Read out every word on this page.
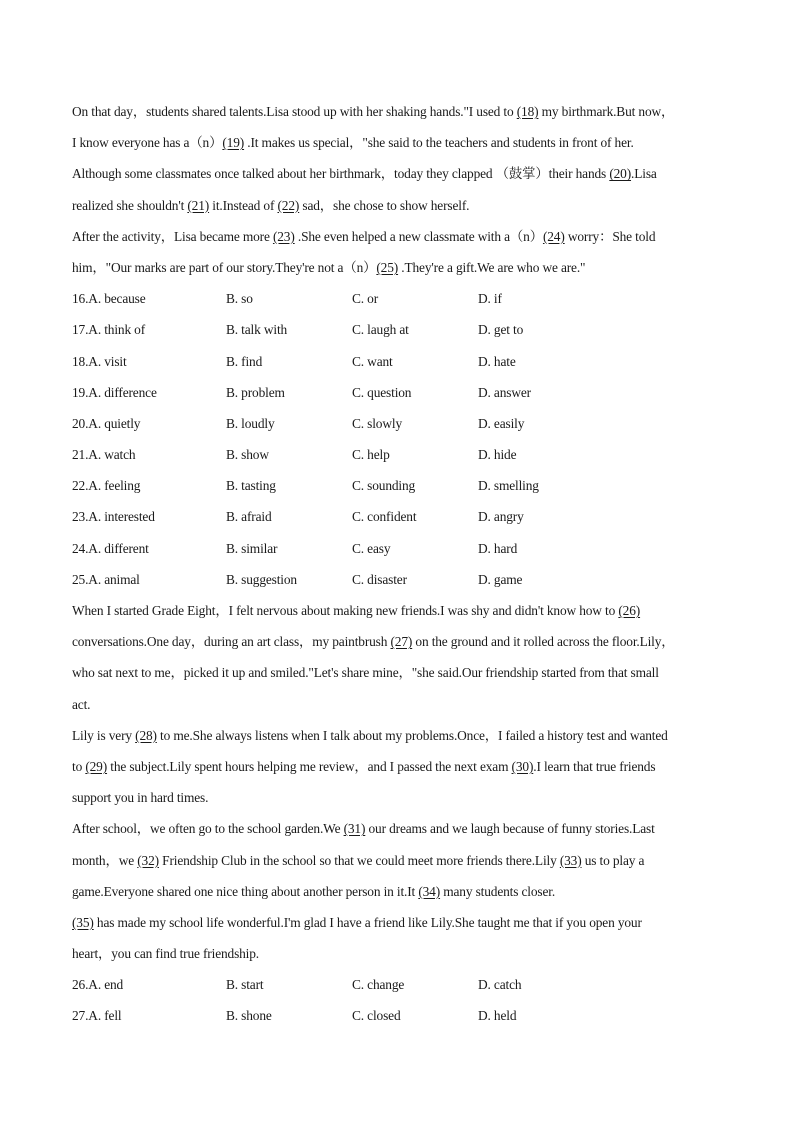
On that day，students shared talents.Lisa stood up with her shaking hands."I used to (18) my birthmark.But now，
I know everyone has a（n）(19) .It makes us special，"she said to the teachers and students in front of her.
Although some classmates once talked about her birthmark，today they clapped （鼓掌）their hands (20).Lisa
realized she shouldn't (21) it.Instead of (22) sad，she chose to show herself.
After the activity，Lisa became more (23) .She even helped a new classmate with a（n）(24) worry：She told
him，"Our marks are part of our story.They're not a（n）(25) .They're a gift.We are who we are."
16.A. because	B. so	C. or	D. if
17.A. think of	B. talk with	C. laugh at	D. get to
18.A. visit	B. find	C. want	D. hate
19.A. difference	B. problem	C. question	D. answer
20.A. quietly	B. loudly	C. slowly	D. easily
21.A. watch	B. show	C. help	D. hide
22.A. feeling	B. tasting	C. sounding	D. smelling
23.A. interested	B. afraid	C. confident	D. angry
24.A. different	B. similar	C. easy	D. hard
25.A. animal	B. suggestion	C. disaster	D. game
When I started Grade Eight，I felt nervous about making new friends.I was shy and didn't know how to (26)
conversations.One day，during an art class，my paintbrush (27) on the ground and it rolled across the floor.Lily，
who sat next to me，picked it up and smiled."Let's share mine，"she said.Our friendship started from that small
act.
Lily is very (28) to me.She always listens when I talk about my problems.Once，I failed a history test and wanted
to (29) the subject.Lily spent hours helping me review，and I passed the next exam (30).I learn that true friends
support you in hard times.
After school，we often go to the school garden.We (31) our dreams and we laugh because of funny stories.Last
month，we (32) Friendship Club in the school so that we could meet more friends there.Lily (33) us to play a
game.Everyone shared one nice thing about another person in it.It (34) many students closer.
(35) has made my school life wonderful.I'm glad I have a friend like Lily.She taught me that if you open your
heart，you can find true friendship.
26.A. end	B. start	C. change	D. catch
27.A. fell	B. shone	C. closed	D. held
